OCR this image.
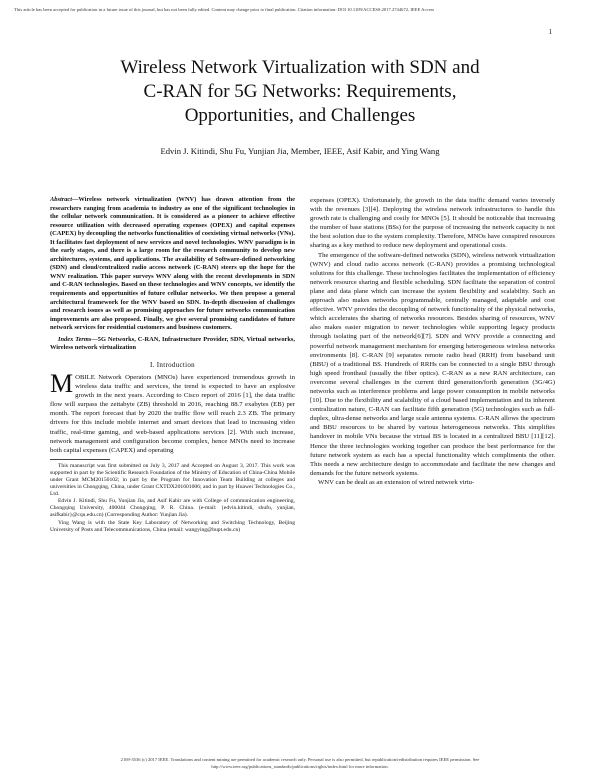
This article has been accepted for publication in a future issue of this journal, but has not been fully edited. Content may change prior to final publication. Citation information: DOI 10.1109/ACCESS.2017.2744672, IEEE Access
1
Wireless Network Virtualization with SDN and
C-RAN for 5G Networks: Requirements,
Opportunities, and Challenges
Edvin J. Kitindi, Shu Fu, Yunjian Jia, Member, IEEE, Asif Kabir, and Ying Wang

Abstract—Wireless network virtualization (WNV) has drawn attention from the researchers ranging from academia to industry as one of the significant technologies in the cellular network communication. It is considered as a pioneer to achieve effective resource utilization with decreased operating expenses (OPEX) and capital expenses (CAPEX) by decoupling the networks functionalities of coexisting virtual networks (VNs). It facilitates fast deployment of new services and novel technologies. WNV paradigm is in the early stages, and there is a large room for the research community to develop new architectures, systems, and applications. The availability of Software-defined networking (SDN) and cloud/centralized radio access network (C-RAN) steers up the hope for the WNV realization. This paper surveys WNV along with the recent developments in SDN and C-RAN technologies. Based on these technologies and WNV concepts, we identify the requirements and opportunities of future cellular networks. We then propose a general architectural framework for the WNV based on SDN. In-depth discussion of challenges and research issues as well as promising approaches for future networks communication improvements are also proposed. Finally, we give several promising candidates of future network services for residential customers and business customers.

Index Terms—5G Networks, C-RAN, Infrastructure Provider, SDN, Virtual networks, Wireless network virtualization

I. Introduction

MOBILE Network Operators (MNOs) have experienced tremendous growth in wireless data traffic and services, the trend is expected to have an explosive growth in the next years. According to Cisco report of 2016 [1], the data traffic flow will surpass the zettabyte (ZB) threshold in 2016, reaching 88.7 exabytes (EB) per month. The report forecast that by 2020 the traffic flow will reach 2.3 ZB. The primary drivers for this include mobile internet and smart devices that lead to increasing video traffic, real-time gaming, and web-based applications services [2]. With such increase, network management and configuration become complex, hence MNOs need to increase both capital expenses (CAPEX) and operating

This manuscript was first submitted on July 3, 2017 and Accepted on August 3, 2017. This work was supported in part by the Scientific Research Foundation of the Ministry of Education of China-China Mobile under Grant MCM20150102; in part by the Program for Innovation Team Building at colleges and universities in Chongqing, China, under Grant CXTDX201601006; and in part by Huawei Technologies Co., Ltd.

Edvin J. Kitindi, Shu Fu, Yunjian Jia, and Asif Kabir are with College of communication engineering, Chongqing University, 400044 Chongqing, P. R. China. (e-mail: {edvin.kitindi, shufu, yunjian, asifkabir}@cqu.edu.cn) (Corresponding Author: Yunjian Jia).

Ying Wang is with the State Key Laboratory of Networking and Switching Technology, Beijing University of Posts and Telecommunications, China (email: wangying@bupt.edu.cn)

expenses (OPEX). Unfortunately, the growth in the data traffic demand varies inversely with the revenues [3][4]. Deploying the wireless network infrastructures to handle this growth rate is challenging and costly for MNOs [5]. It should be noticeable that increasing the number of base stations (BSs) for the purpose of increasing the network capacity is not the best solution due to the system complexity. Therefore, MNOs have conspired resources sharing as a key method to reduce new deployment and operational costs.

The emergence of the software-defined networks (SDN), wireless network virtualization (WNV) and cloud radio access network (C-RAN) provides a promising technological solutions for this challenge. These technologies facilitates the implementation of efficiency network resource sharing and flexible scheduling. SDN facilitate the separation of control plane and data plane which can increase the system flexibility and scalability. Such an approach also makes networks programmable, centrally managed, adaptable and cost effective. WNV provides the decoupling of network functionality of the physical networks, which accelerates the sharing of networks resources. Besides sharing of resources, WNV also makes easier migration to newer technologies while supporting legacy products through isolating part of the network[6][7]. SDN and WNV provide a connecting and powerful network management mechanism for emerging heterogeneous wireless networks environments [8]. C-RAN [9] separates remote radio head (RRH) from baseband unit (BBU) of a traditional BS. Hundreds of RRHs can be connected to a single BBU through high speed fronthaul (usually the fiber optics). C-RAN as a new RAN architecture, can overcome several challenges in the current third generation/forth generation (3G/4G) networks such as interference problems and large power consumption in mobile networks [10]. Due to the flexibility and scalability of a cloud based implementation and its inherent centralization nature, C-RAN can facilitate fifth generation (5G) technologies such as full-duplex, ultra-dense networks and large scale antenna systems. C-RAN allows the spectrum and BBU resources to be shared by various heterogeneous networks. This simplifies handover in mobile VNs because the virtual BS is located in a centralized BBU [11][12]. Hence the three technologies working together can produce the best performance for the future network system as each has a special functionality which compliments the other. This needs a new architecture design to accommodate and facilitate the new changes and demands for the future network systems.

WNV can be dealt as an extension of wired network virtu-

2169-3536 (c) 2017 IEEE. Translations and content mining are permitted for academic research only. Personal use is also permitted, but republication/redistribution requires IEEE permission. See
http://www.ieee.org/publications_standards/publications/rights/index.html for more information.
